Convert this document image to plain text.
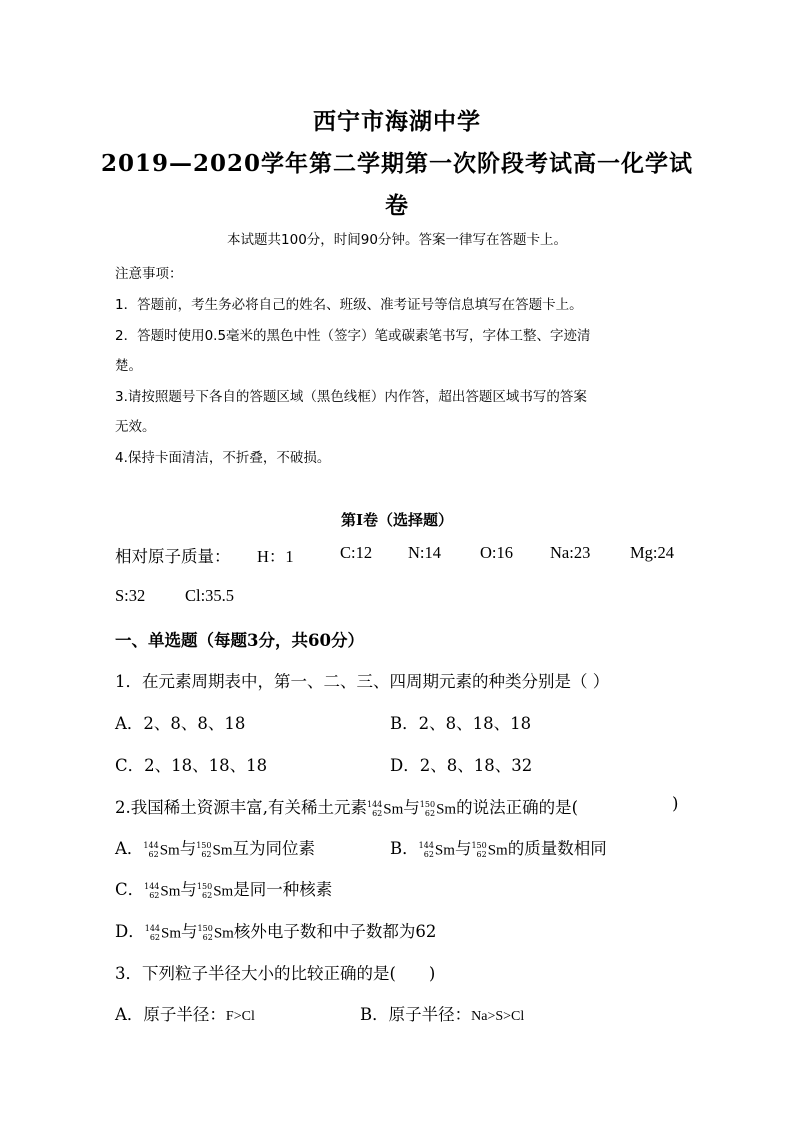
西宁市海湖中学
2019—2020学年第二学期第一次阶段考试高一化学试
卷
本试题共100分，时间90分钟。答案一律写在答题卡上。
注意事项：
1．答题前，考生务必将自己的姓名、班级、准考证号等信息填写在答题卡上。
2．答题时使用0.5毫米的黑色中性（签字）笔或碳素笔书写，字体工整、字迹清
楚。
3.请按照题号下各自的答题区域（黑色线框）内作答，超出答题区域书写的答案
无效。
4.保持卡面清洁，不折叠，不破损。
第I卷（选择题）
相对原子质量： H：1	C:12 N:14 O:16 Na:23 Mg:24
S:32 Cl:35.5
一、单选题（每题3分，共60分）
1．在元素周期表中，第一、二、三、四周期元素的种类分别是（ ）
A．2、8、8、18	B．2、8、18、18
C．2、18、18、18	D．2、8、18、32
2.我国稀土资源丰富,有关稀土元素 144
62 Sm与 150
62 Sm的说法正确的是(	)
A． 144
62 Sm与 150
62 Sm互为同位素	B． 144
62 Sm与 150
62 Sm的质量数相同
C． 144
62 Sm与 150
62 Sm是同一种核素
D． 144
62 Sm与 150
62 Sm核外电子数和中子数都为62
3．下列粒子半径大小的比较正确的是(　　)
A．原子半径：F>Cl	B．原子半径：Na>S>Cl
